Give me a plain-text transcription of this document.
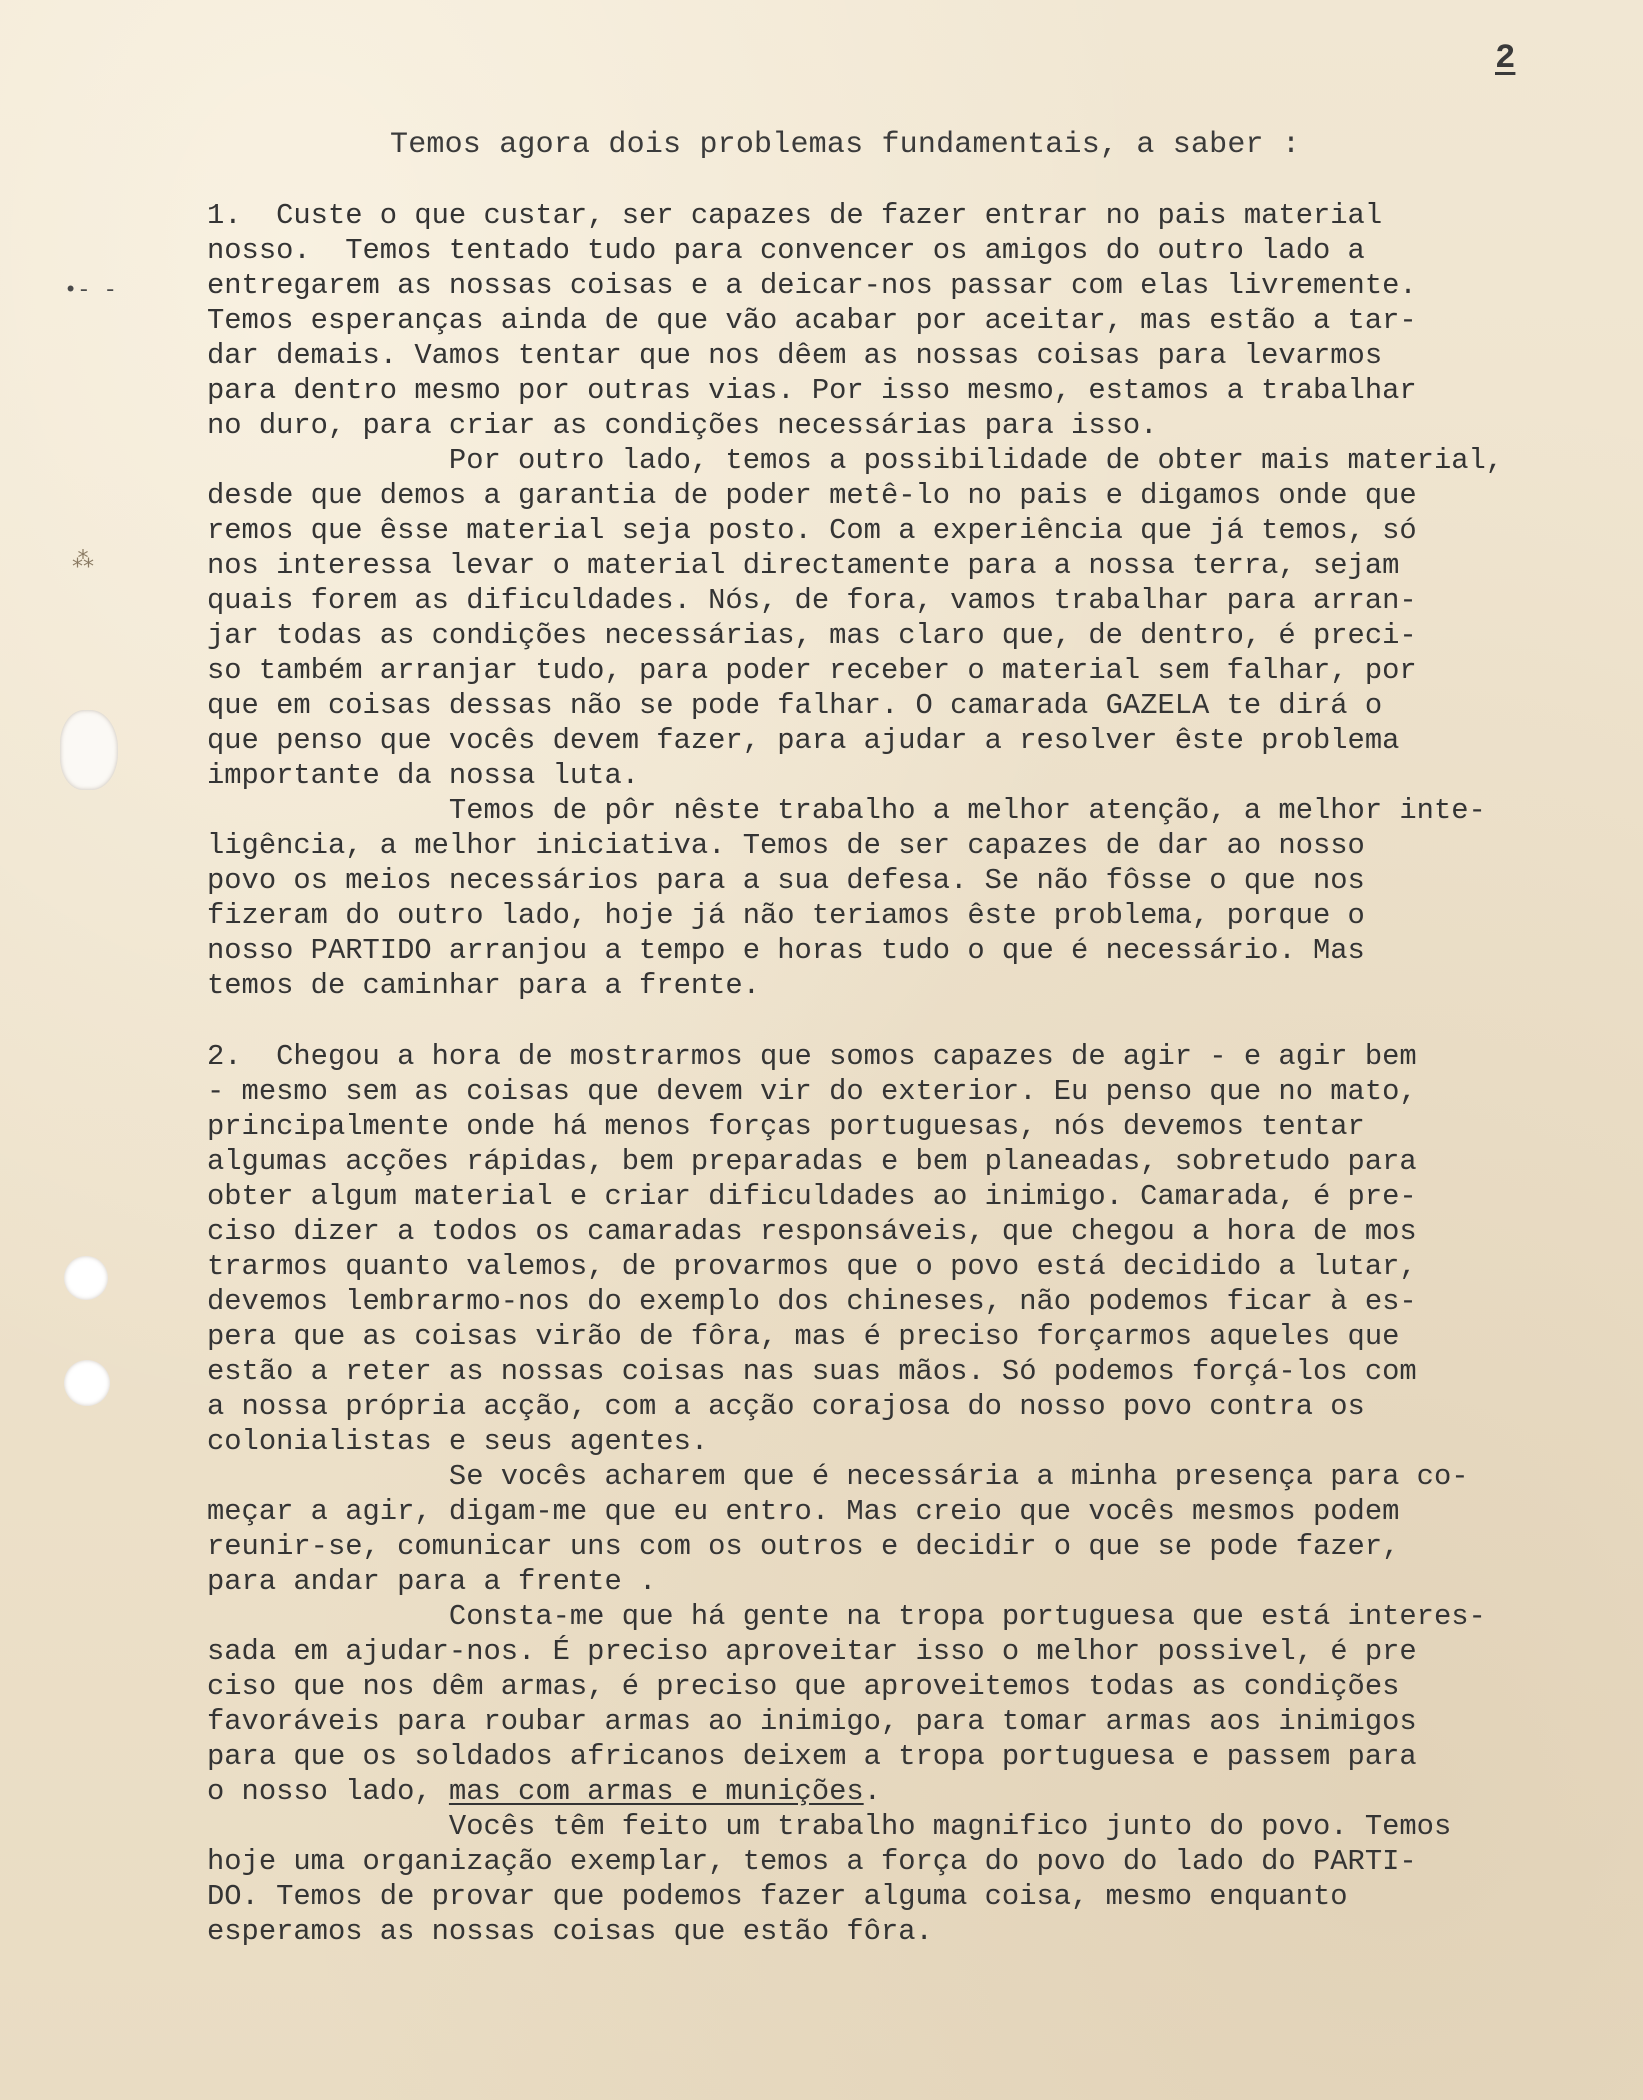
•‐ ‐
⁂
2
Temos agora dois problemas fundamentais, a saber :
1.  Custe o que custar, ser capazes de fazer entrar no pais material
nosso.  Temos tentado tudo para convencer os amigos do outro lado a
entregarem as nossas coisas e a deicar-nos passar com elas livremente.
Temos esperanças ainda de que vão acabar por aceitar, mas estão a tar-
dar demais. Vamos tentar que nos dêem as nossas coisas para levarmos
para dentro mesmo por outras vias. Por isso mesmo, estamos a trabalhar
no duro, para criar as condições necessárias para isso.
Por outro lado, temos a possibilidade de obter mais material,
desde que demos a garantia de poder metê-lo no pais e digamos onde que
remos que êsse material seja posto. Com a experiência que já temos, só
nos interessa levar o material directamente para a nossa terra, sejam
quais forem as dificuldades. Nós, de fora, vamos trabalhar para arran-
jar todas as condições necessárias, mas claro que, de dentro, é preci-
so também arranjar tudo, para poder receber o material sem falhar, por
que em coisas dessas não se pode falhar. O camarada GAZELA te dirá o
que penso que vocês devem fazer, para ajudar a resolver êste problema
importante da nossa luta.
Temos de pôr nêste trabalho a melhor atenção, a melhor inte-
ligência, a melhor iniciativa. Temos de ser capazes de dar ao nosso
povo os meios necessários para a sua defesa. Se não fôsse o que nos
fizeram do outro lado, hoje já não teriamos êste problema, porque o
nosso PARTIDO arranjou a tempo e horas tudo o que é necessário. Mas
temos de caminhar para a frente.
2.  Chegou a hora de mostrarmos que somos capazes de agir - e agir bem
- mesmo sem as coisas que devem vir do exterior. Eu penso que no mato,
principalmente onde há menos forças portuguesas, nós devemos tentar
algumas acções rápidas, bem preparadas e bem planeadas, sobretudo para
obter algum material e criar dificuldades ao inimigo. Camarada, é pre-
ciso dizer a todos os camaradas responsáveis, que chegou a hora de mos
trarmos quanto valemos, de provarmos que o povo está decidido a lutar,
devemos lembrarmo-nos do exemplo dos chineses, não podemos ficar à es-
pera que as coisas virão de fôra, mas é preciso forçarmos aqueles que
estão a reter as nossas coisas nas suas mãos. Só podemos forçá-los com
a nossa própria acção, com a acção corajosa do nosso povo contra os
colonialistas e seus agentes.
Se vocês acharem que é necessária a minha presença para co-
meçar a agir, digam-me que eu entro. Mas creio que vocês mesmos podem
reunir-se, comunicar uns com os outros e decidir o que se pode fazer,
para andar para a frente .
Consta-me que há gente na tropa portuguesa que está interes-
sada em ajudar-nos. É preciso aproveitar isso o melhor possivel, é pre
ciso que nos dêm armas, é preciso que aproveitemos todas as condições
favoráveis para roubar armas ao inimigo, para tomar armas aos inimigos
para que os soldados africanos deixem a tropa portuguesa e passem para
o nosso lado, mas com armas e munições.
Vocês têm feito um trabalho magnifico junto do povo. Temos
hoje uma organização exemplar, temos a força do povo do lado do PARTI-
DO. Temos de provar que podemos fazer alguma coisa, mesmo enquanto
esperamos as nossas coisas que estão fôra.
